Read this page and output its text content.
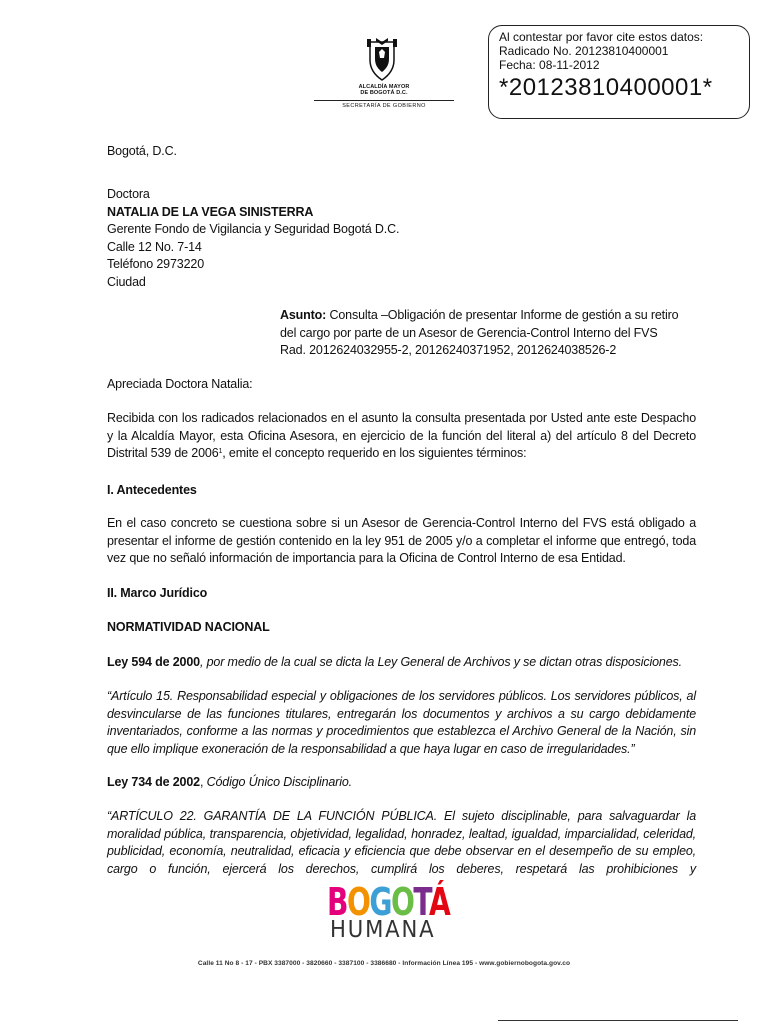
ALCALDÍA MAYOR
DE BOGOTÁ D.C.
SECRETARÍA DE GOBIERNO
Al contestar por favor cite estos datos:
Radicado No. 20123810400001
Fecha: 08-11-2012
*20123810400001*
Bogotá, D.C.
Doctora
NATALIA DE LA VEGA SINISTERRA
Gerente Fondo de Vigilancia y Seguridad Bogotá D.C.
Calle 12 No. 7-14
Teléfono 2973220
Ciudad
Asunto: Consulta –Obligación de presentar Informe de gestión a su retiro
del cargo por parte de un Asesor de Gerencia-Control Interno del FVS
Rad. 2012624032955-2, 20126240371952, 2012624038526-2
Apreciada Doctora Natalia:
Recibida con los radicados relacionados en el asunto la consulta presentada por Usted ante este Despacho y la Alcaldía Mayor, esta Oficina Asesora, en ejercicio de la función del literal a) del artículo 8 del Decreto Distrital 539 de 2006$^1$, emite el concepto requerido en los siguientes términos:
I. Antecedentes
En el caso concreto se cuestiona sobre si un Asesor de Gerencia-Control Interno del FVS está obligado a presentar el informe de gestión contenido en la ley 951 de 2005 y/o a completar el informe que entregó, toda vez que no señaló información de importancia para la Oficina de Control Interno de esa Entidad.
II. Marco Jurídico
NORMATIVIDAD NACIONAL
Ley 594 de 2000, por medio de la cual se dicta la Ley General de Archivos y se dictan otras disposiciones.
“Artículo 15. Responsabilidad especial y obligaciones de los servidores públicos. Los servidores públicos, al desvincularse de las funciones titulares, entregarán los documentos y archivos a su cargo debidamente inventariados, conforme a las normas y procedimientos que establezca el Archivo General de la Nación, sin que ello implique exoneración de la responsabilidad a que haya lugar en caso de irregularidades.”
Ley 734 de 2002, Código Único Disciplinario.
“ARTÍCULO 22. GARANTÍA DE LA FUNCIÓN PÚBLICA. El sujeto disciplinable, para salvaguardar la moralidad pública, transparencia, objetividad, legalidad, honradez, lealtad, igualdad, imparcialidad, celeridad, publicidad, economía, neutralidad, eficacia y eficiencia que debe observar en el desempeño de su empleo, cargo o función, ejercerá los derechos, cumplirá los deberes, respetará las prohibiciones y
BOGOTÁ
HUMANA
Calle 11 No 8 - 17 - PBX 3387000 - 3820660 - 3387100 - 3386680 - Información Línea 195 - www.gobiernobogota.gov.co
